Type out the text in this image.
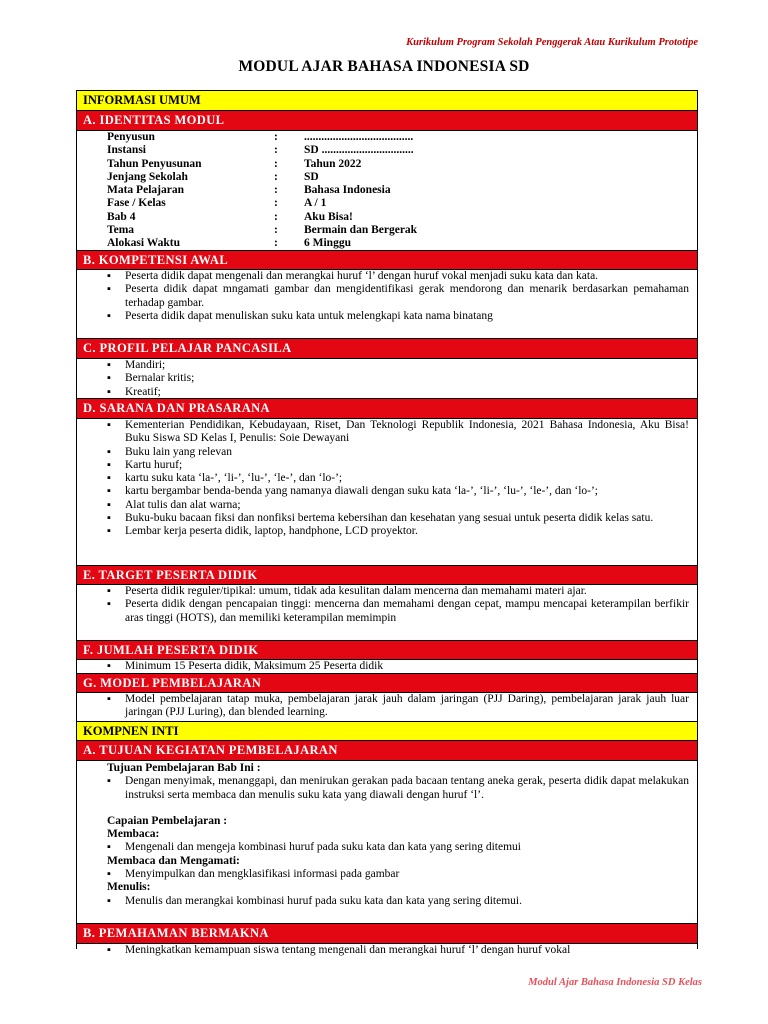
Kurikulum Program Sekolah Penggerak Atau Kurikulum Prototipe
MODUL AJAR BAHASA INDONESIA SD
INFORMASI UMUM
A. IDENTITAS MODUL
Penyusun	:	......................................
Instansi	:	SD ................................
Tahun Penyusunan	:	Tahun 2022
Jenjang Sekolah	:	SD
Mata Pelajaran	:	Bahasa Indonesia
Fase / Kelas	:	A / 1
Bab 4	:	Aku Bisa!
Tema	:	Bermain dan Bergerak
Alokasi Waktu	:	6 Minggu
B. KOMPETENSI AWAL
▪ Peserta didik dapat mengenali dan merangkai huruf ‘l’ dengan huruf vokal menjadi suku kata dan kata.
▪ Peserta didik dapat mngamati gambar dan mengidentifikasi gerak mendorong dan menarik berdasarkan pemahaman terhadap gambar.
▪ Peserta didik dapat menuliskan suku kata untuk melengkapi kata nama binatang
C. PROFIL PELAJAR PANCASILA
▪ Mandiri;
▪ Bernalar kritis;
▪ Kreatif;
D. SARANA DAN PRASARANA
▪ Kementerian Pendidikan, Kebudayaan, Riset, Dan Teknologi Republik Indonesia, 2021 Bahasa Indonesia, Aku Bisa! Buku Siswa SD Kelas I, Penulis: Soie Dewayani
▪ Buku lain yang relevan
▪ Kartu huruf;
▪ kartu suku kata ‘la-’, ‘li-’, ‘lu-’, ‘le-’, dan ‘lo-’;
▪ kartu bergambar benda-benda yang namanya diawali dengan suku kata ‘la-’, ‘li-’, ‘lu-’, ‘le-’, dan ‘lo-’;
▪ Alat tulis dan alat warna;
▪ Buku-buku bacaan fiksi dan nonfiksi bertema kebersihan dan kesehatan yang sesuai untuk peserta didik kelas satu.
▪ Lembar kerja peserta didik, laptop, handphone, LCD proyektor.
E. TARGET PESERTA DIDIK
▪ Peserta didik reguler/tipikal: umum, tidak ada kesulitan dalam mencerna dan memahami materi ajar.
▪ Peserta didik dengan pencapaian tinggi: mencerna dan memahami dengan cepat, mampu mencapai keterampilan berfikir aras tinggi (HOTS), dan memiliki keterampilan memimpin
F. JUMLAH PESERTA DIDIK
▪ Minimum 15 Peserta didik, Maksimum 25 Peserta didik
G. MODEL PEMBELAJARAN
▪ Model pembelajaran tatap muka, pembelajaran jarak jauh dalam jaringan (PJJ Daring), pembelajaran jarak jauh luar jaringan (PJJ Luring), dan blended learning.
KOMPNEN INTI
A. TUJUAN KEGIATAN PEMBELAJARAN
Tujuan Pembelajaran Bab Ini :
▪ Dengan menyimak, menanggapi, dan menirukan gerakan pada bacaan tentang aneka gerak, peserta didik dapat melakukan instruksi serta membaca dan menulis suku kata yang diawali dengan huruf ‘l’.
Capaian Pembelajaran :
Membaca:
▪ Mengenali dan mengeja kombinasi huruf pada suku kata dan kata yang sering ditemui
Membaca dan Mengamati:
▪ Menyimpulkan dan mengklasifikasi informasi pada gambar
Menulis:
▪ Menulis dan merangkai kombinasi huruf pada suku kata dan kata yang sering ditemui.
B. PEMAHAMAN BERMAKNA
▪ Meningkatkan kemampuan siswa tentang mengenali dan merangkai huruf ‘l’ dengan huruf vokal
Modul Ajar Bahasa Indonesia SD Kelas
